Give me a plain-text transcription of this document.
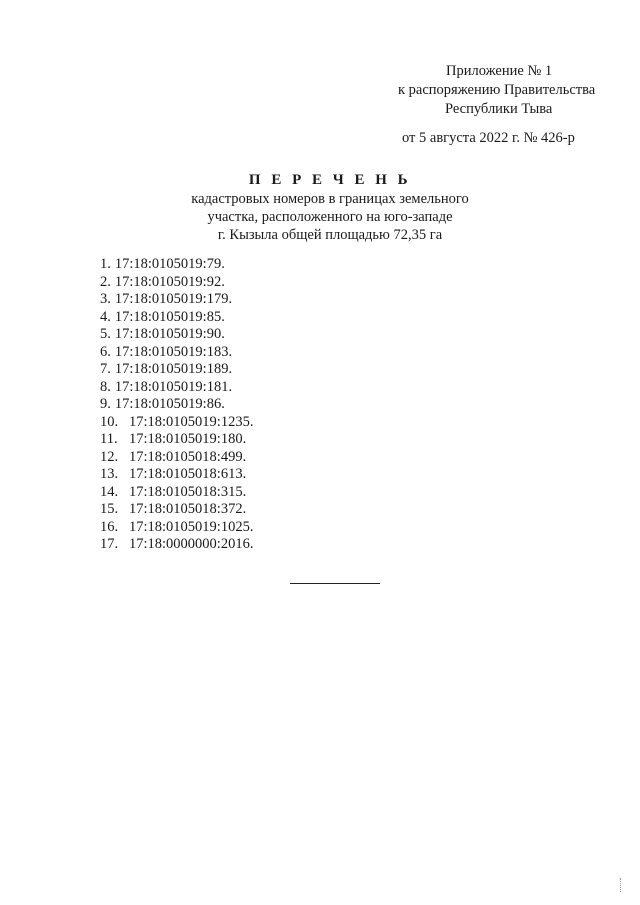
Приложение № 1
к распоряжению Правительства
Республики Тыва
от 5 августа 2022 г. № 426-р
П Е Р Е Ч Е Н Ь
кадастровых номеров в границах земельного
участка, расположенного на юго-западе
г. Кызыла общей площадью 72,35 га
1. 17:18:0105019:79.
2. 17:18:0105019:92.
3. 17:18:0105019:179.
4. 17:18:0105019:85.
5. 17:18:0105019:90.
6. 17:18:0105019:183.
7. 17:18:0105019:189.
8. 17:18:0105019:181.
9. 17:18:0105019:86.
10. 17:18:0105019:1235.
11. 17:18:0105019:180.
12. 17:18:0105018:499.
13. 17:18:0105018:613.
14. 17:18:0105018:315.
15. 17:18:0105018:372.
16. 17:18:0105019:1025.
17. 17:18:0000000:2016.
